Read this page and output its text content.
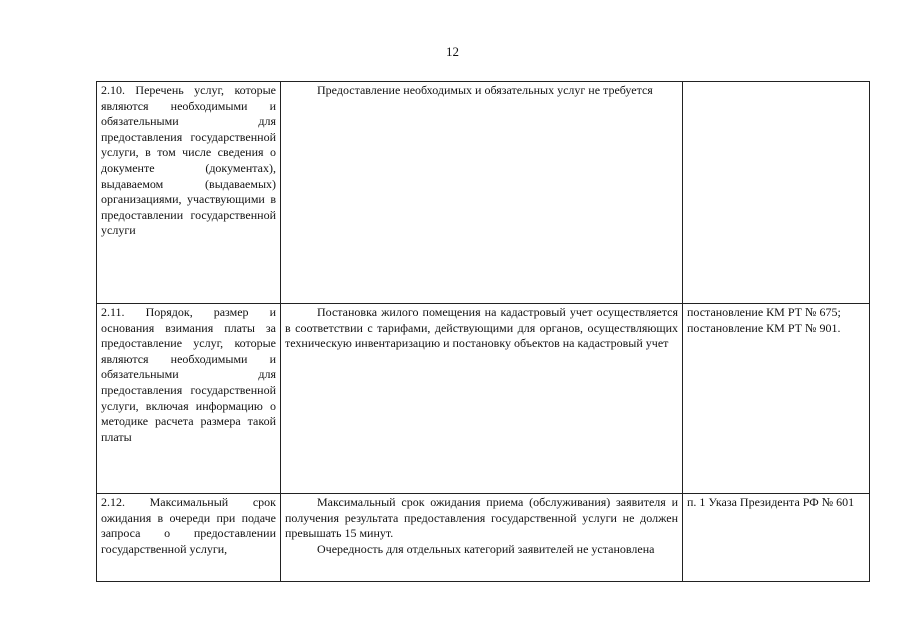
12
2.10. Перечень услуг, которые являются необходимыми и обязательными для предоставления государственной услуги, в том числе сведения о документе (документах), выдаваемом (выдаваемых) организациями, участвующими в предоставлении государственной услуги	Предоставление необходимых и обязательных услуг не требуется	

2.11. Порядок, размер и основания взимания платы за предоставление услуг, которые являются необходимыми и обязательными для предоставления государственной услуги, включая информацию о методике расчета размера такой платы	Постановка жилого помещения на кадастровый учет осуществляется в соответствии с тарифами, действующими для органов, осуществляющих техническую инвентаризацию и постановку объектов на кадастровый учет	постановление КМ РТ № 675;
постановление КМ РТ № 901.

2.12. Максимальный срок ожидания в очереди при подаче запроса о предоставлении государственной услуги,	Максимальный срок ожидания приема (обслуживания) заявителя и получения результата предоставления государственной услуги не должен превышать 15 минут.
Очередность для отдельных категорий заявителей не установлена	п. 1 Указа Президента РФ № 601
